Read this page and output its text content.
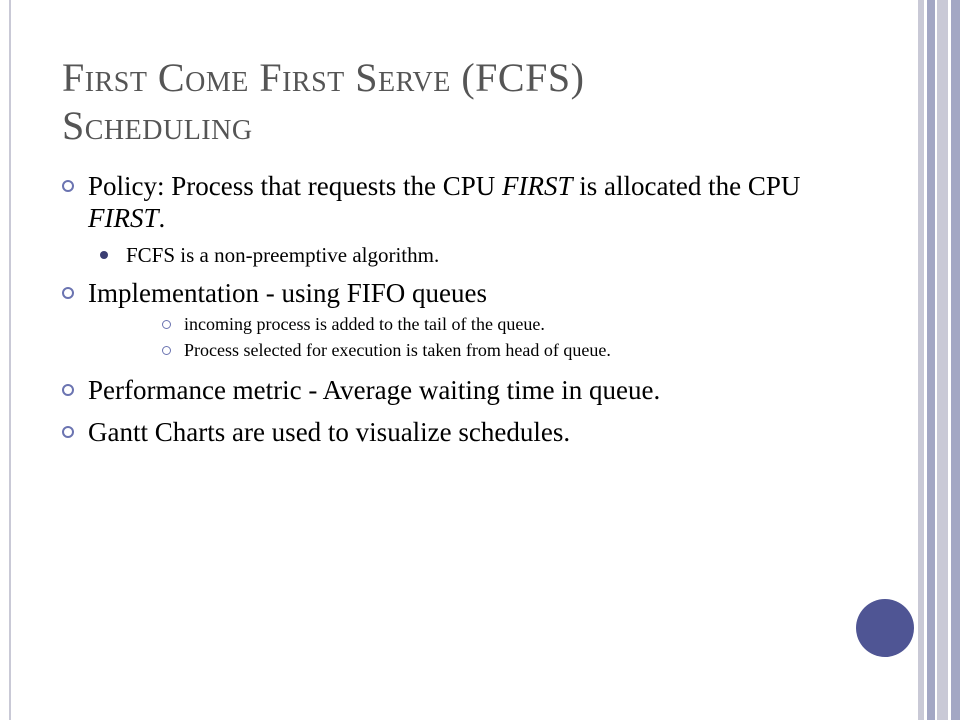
First Come First Serve (FCFS)
Scheduling
Policy: Process that requests the CPU FIRST is allocated the CPU FIRST.
FCFS is a non-preemptive algorithm.
Implementation - using FIFO queues
incoming process is added to the tail of the queue.
Process selected for execution is taken from head of queue.
Performance metric - Average waiting time in queue.
Gantt Charts are used to visualize schedules.
